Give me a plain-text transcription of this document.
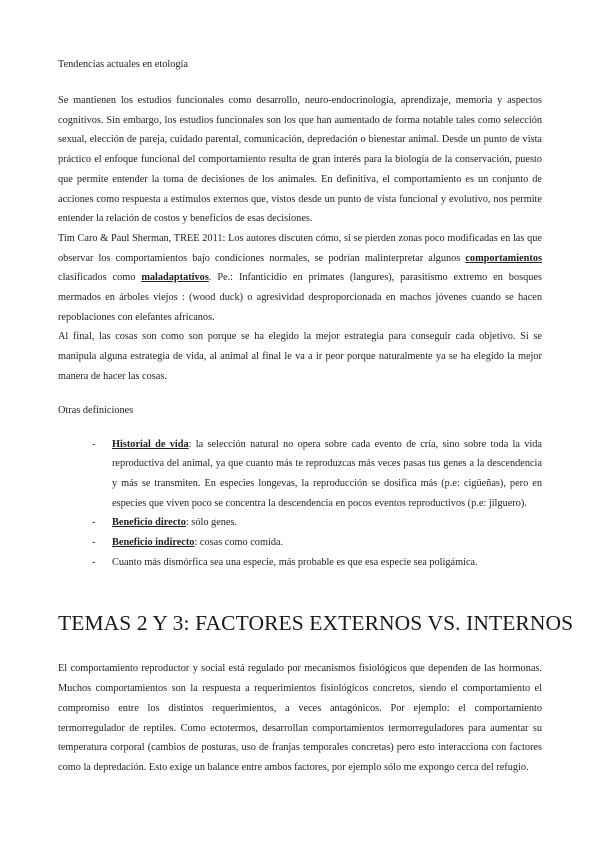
Tendencias actuales en etología

Se mantienen los estudios funcionales como desarrollo, neuro-endocrinología, aprendizaje, memoria y aspectos cognitivos. Sin embargo, los estudios funcionales son los que han aumentado de forma notable tales como selección sexual, elección de pareja, cuidado parental, comunicación, depredación o bienestar animal. Desde un punto de vista práctico el enfoque funcional del comportamiento resulta de gran interés para la biología de la conservación, puesto que permite entender la toma de decisiones de los animales. En definitiva, el comportamiento es un conjunto de acciones como respuesta a estímulos externos que, vistos desde un punto de vista funcional y evolutivo, nos permite entender la relación de costos y beneficios de esas decisiones.

Tim Caro & Paul Sherman, TREE 2011: Los autores discuten cómo, si se pierden zonas poco modificadas en las que observar los comportamientos bajo condiciones normales, se podrían malinterpretar algunos comportamientos clasificados como maladaptativos. Pe.: Infanticidio en primates (langures), parasitismo extremo en bosques mermados en árboles viejos : (wood duck) o agresividad desproporcionada en machos jóvenes cuando se hacen repoblaciones con elefantes africanos.

Al final, las cosas son como son porque se ha elegido la mejor estrategia para conseguir cada objetivo. Si se manipula alguna estrategia de vida, al animal al final le va a ir peor porque naturalmente ya se ha elegido la mejor manera de hacer las cosas.

Otras definiciones

- Historial de vida: la selección natural no opera sobre cada evento de cría, sino sobre toda la vida reproductiva del animal, ya que cuanto más te reproduzcas más veces pasas tus genes a la descendencia y más se transmiten. En especies longevas, la reproducción se dosifica más (p.e: cigüeñas), pero en especies que viven poco se concentra la descendencia en pocos eventos reproductivos (p.e: jilguero).
- Beneficio directo: sólo genes.
- Beneficio indirecto: cosas como comida.
- Cuanto más dismórfica sea una especie, más probable es que esa especie sea poligámica.
TEMAS 2 Y 3: FACTORES EXTERNOS VS. INTERNOS

El comportamiento reproductor y social está regulado por mecanismos fisiológicos que dependen de las hormonas. Muchos comportamientos son la respuesta a requerimientos fisiológicos concretos, siendo el comportamiento el compromiso entre los distintos requerimientos, a veces antagónicos. Por ejemplo: el comportamiento termorregulador de reptiles. Como ectotermos, desarrollan comportamientos termorreguladores para aumentar su temperatura corporal (cambios de posturas, uso de franjas temporales concretas) pero esto interacciona con factores como la depredación. Esto exige un balance entre ambos factores, por ejemplo sólo me expongo cerca del refugio.
